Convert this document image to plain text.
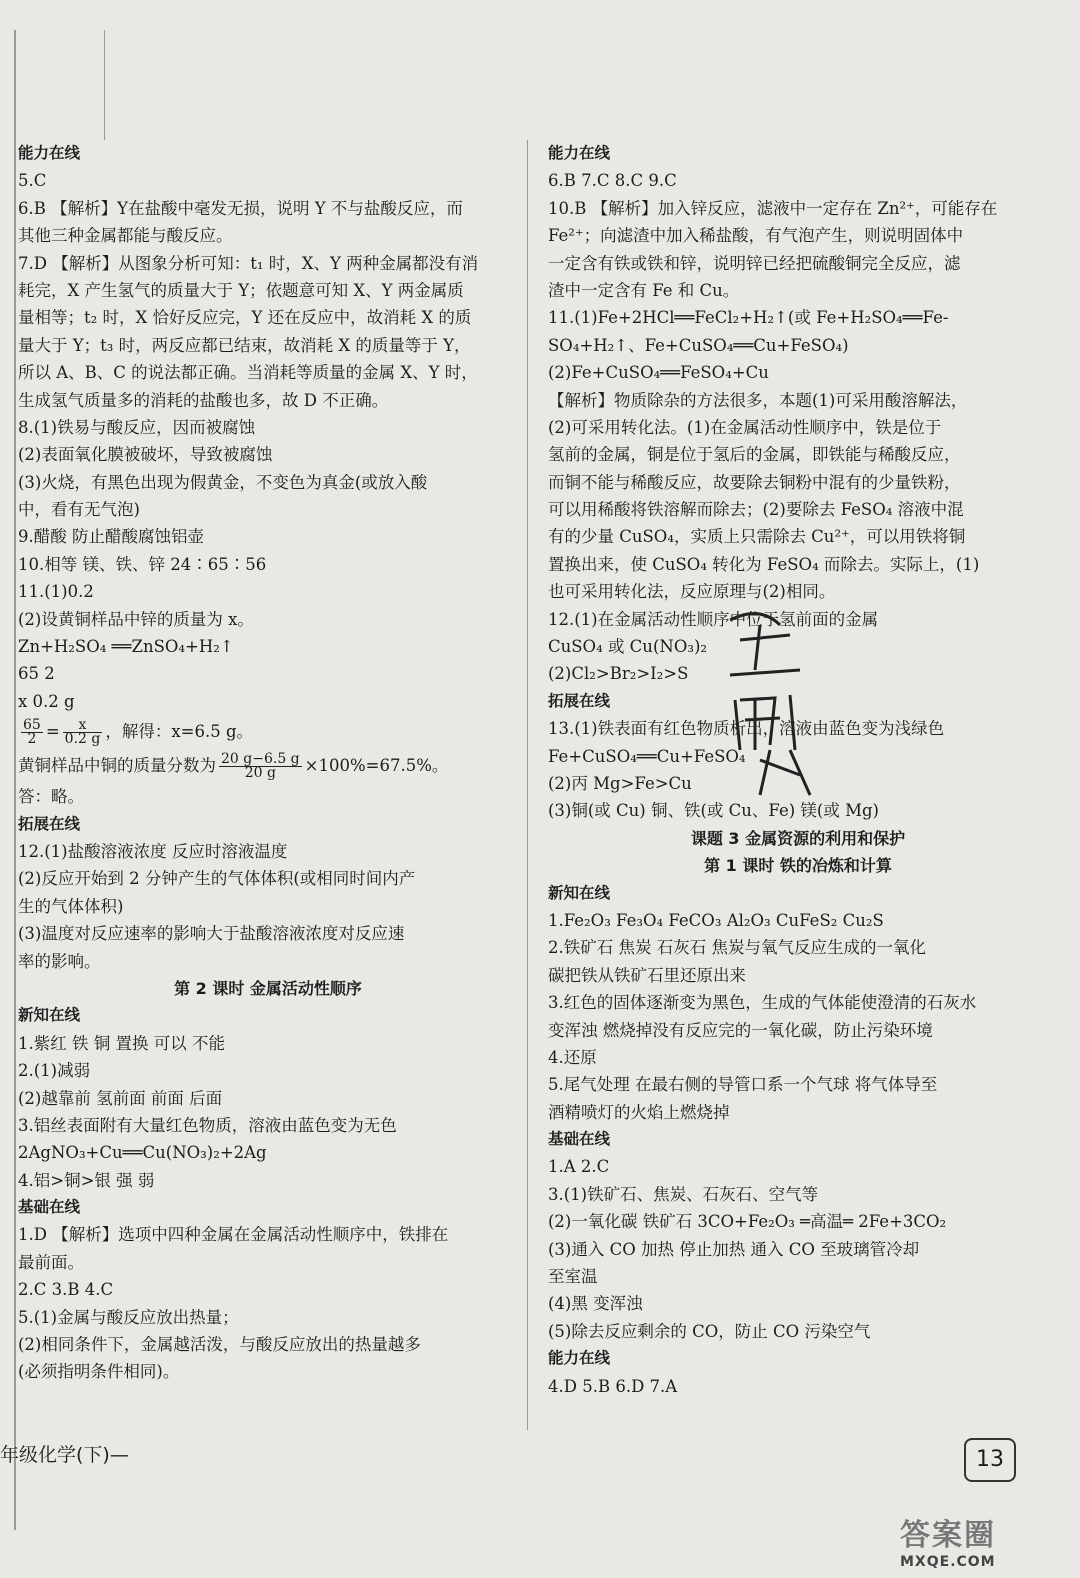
能力在线
5.C
6.B 【解析】Y在盐酸中毫发无损，说明 Y 不与盐酸反应，而
其他三种金属都能与酸反应。
7.D 【解析】从图象分析可知：t₁ 时，X、Y 两种金属都没有消
耗完，X 产生氢气的质量大于 Y；依题意可知 X、Y 两金属质
量相等；t₂ 时，X 恰好反应完，Y 还在反应中，故消耗 X 的质
量大于 Y；t₃ 时，两反应都已结束，故消耗 X 的质量等于 Y，
所以 A、B、C 的说法都正确。当消耗等质量的金属 X、Y 时，
生成氢气质量多的消耗的盐酸也多，故 D 不正确。
8.(1)铁易与酸反应，因而被腐蚀
(2)表面氧化膜被破坏，导致被腐蚀
(3)火烧，有黑色出现为假黄金，不变色为真金(或放入酸
中，看有无气泡)
9.醋酸 防止醋酸腐蚀铝壶
10.相等 镁、铁、锌 24∶65∶56
11.(1)0.2
(2)设黄铜样品中锌的质量为 x。
Zn+H₂SO₄ ══ZnSO₄+H₂↑
65 2
x 0.2 g
$\frac{65}{2} = \frac{x}{0.2 g}$ ，解得：x=6.5 g。
黄铜样品中铜的质量分数为 $\frac{20 g-6.5 g}{20 g} \times 100\%=67.5\%$。
答：略。
拓展在线
12.(1)盐酸溶液浓度 反应时溶液温度
(2)反应开始到 2 分钟产生的气体体积(或相同时间内产
生的气体体积)
(3)温度对反应速率的影响大于盐酸溶液浓度对反应速
率的影响。
第 2 课时 金属活动性顺序
新知在线
1.紫红 铁 铜 置换 可以 不能
2.(1)减弱
(2)越靠前 氢前面 前面 后面
3.铝丝表面附有大量红色物质，溶液由蓝色变为无色
2AgNO₃+Cu══Cu(NO₃)₂+2Ag
4.铝>铜>银 强 弱
基础在线
1.D 【解析】选项中四种金属在金属活动性顺序中，铁排在
最前面。
2.C 3.B 4.C
5.(1)金属与酸反应放出热量；
(2)相同条件下，金属越活泼，与酸反应放出的热量越多
(必须指明条件相同)。
能力在线
6.B 7.C 8.C 9.C
10.B 【解析】加入锌反应，滤液中一定存在 Zn²⁺，可能存在
Fe²⁺；向滤渣中加入稀盐酸，有气泡产生，则说明固体中
一定含有铁或铁和锌，说明锌已经把硫酸铜完全反应，滤
渣中一定含有 Fe 和 Cu。
11.(1)Fe+2HCl══FeCl₂+H₂↑(或 Fe+H₂SO₄══Fe-
SO₄+H₂↑、Fe+CuSO₄══Cu+FeSO₄)
(2)Fe+CuSO₄══FeSO₄+Cu
【解析】物质除杂的方法很多，本题(1)可采用酸溶解法，
(2)可采用转化法。(1)在金属活动性顺序中，铁是位于
氢前的金属，铜是位于氢后的金属，即铁能与稀酸反应，
而铜不能与稀酸反应，故要除去铜粉中混有的少量铁粉，
可以用稀酸将铁溶解而除去；(2)要除去 FeSO₄ 溶液中混
有的少量 CuSO₄，实质上只需除去 Cu²⁺，可以用铁将铜
置换出来，使 CuSO₄ 转化为 FeSO₄ 而除去。实际上，(1)
也可采用转化法，反应原理与(2)相同。
12.(1)在金属活动性顺序中位于氢前面的金属
CuSO₄ 或 Cu(NO₃)₂
(2)Cl₂>Br₂>I₂>S
拓展在线
13.(1)铁表面有红色物质析出，溶液由蓝色变为浅绿色
Fe+CuSO₄══Cu+FeSO₄
(2)丙 Mg>Fe>Cu
(3)铜(或 Cu) 铜、铁(或 Cu、Fe) 镁(或 Mg)
课题 3 金属资源的利用和保护
第 1 课时 铁的冶炼和计算
新知在线
1.Fe₂O₃ Fe₃O₄ FeCO₃ Al₂O₃ CuFeS₂ Cu₂S
2.铁矿石 焦炭 石灰石 焦炭与氧气反应生成的一氧化
碳把铁从铁矿石里还原出来
3.红色的固体逐渐变为黑色，生成的气体能使澄清的石灰水
变浑浊 燃烧掉没有反应完的一氧化碳，防止污染环境
4.还原
5.尾气处理 在最右侧的导管口系一个气球 将气体导至
酒精喷灯的火焰上燃烧掉
基础在线
1.A 2.C
3.(1)铁矿石、焦炭、石灰石、空气等
(2)一氧化碳 铁矿石 3CO+Fe₂O₃ ═高温═ 2Fe+3CO₂
(3)通入 CO 加热 停止加热 通入 CO 至玻璃管冷却
至室温
(4)黑 变浑浊
(5)除去反应剩余的 CO，防止 CO 污染空气
能力在线
4.D 5.B 6.D 7.A
年级化学(下)—	13
答案圈
MXQE.COM
